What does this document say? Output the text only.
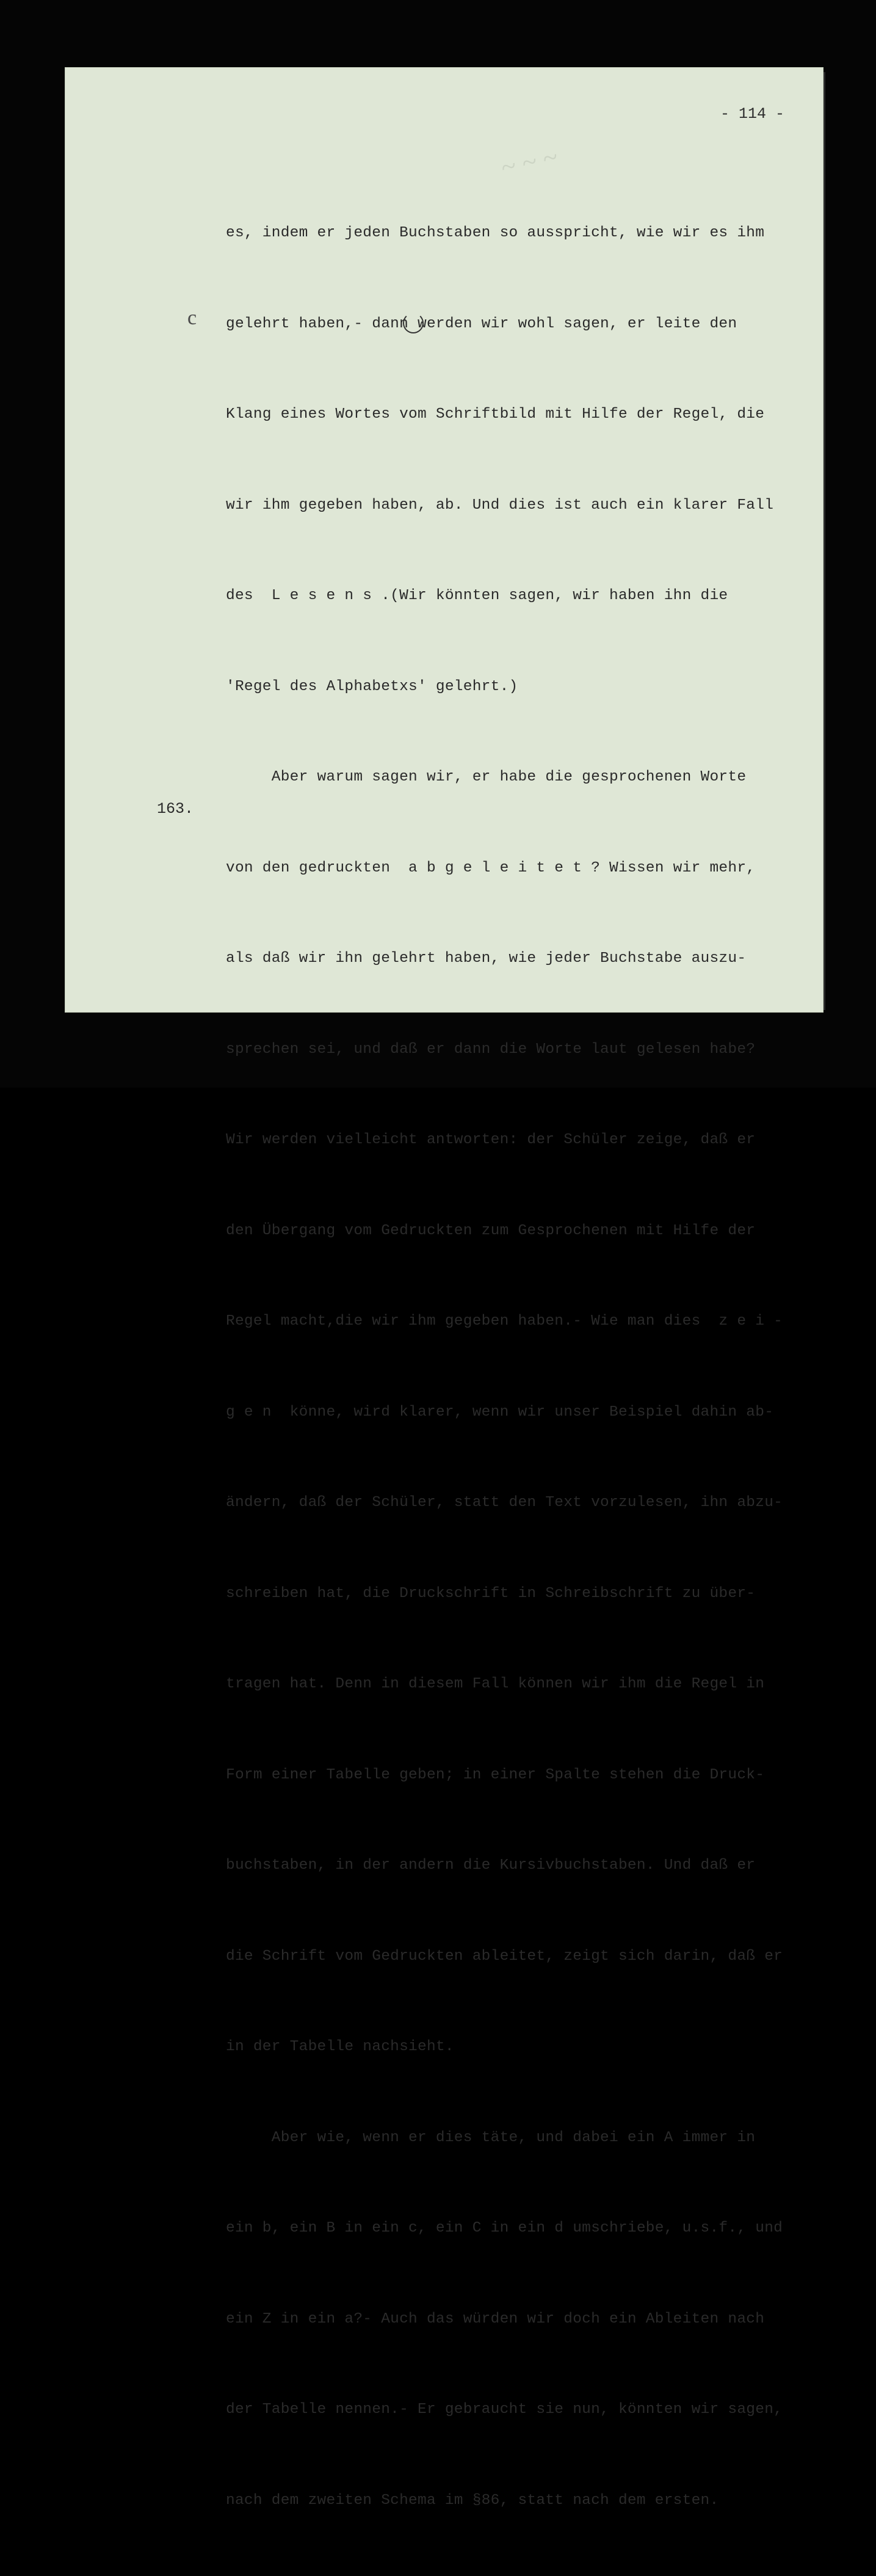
~ ~ ~
- 114 -
c
163.

es, indem er jeden Buchstaben so ausspricht, wie wir es ihm

gelehrt haben,- dann werden wir wohl sagen, er leite den

Klang eines Wortes vom Schriftbild mit Hilfe der Regel, die

wir ihm gegeben haben, ab. Und dies ist auch ein klarer Fall

des  L e s e n s .(Wir könnten sagen, wir haben ihn die

'Regel des Alphabetxs' gelehrt.)

Aber warum sagen wir, er habe die gesprochenen Worte

von den gedruckten  a b g e l e i t e t ? Wissen wir mehr,

als daß wir ihn gelehrt haben, wie jeder Buchstabe auszu-

sprechen sei, und daß er dann die Worte laut gelesen habe?

Wir werden vielleicht antworten: der Schüler zeige, daß er

den Übergang vom Gedruckten zum Gesprochenen mit Hilfe der

Regel macht,die wir ihm gegeben haben.- Wie man dies  z e i -

g e n  könne, wird klarer, wenn wir unser Beispiel dahin ab-

ändern, daß der Schüler, statt den Text vorzulesen, ihn abzu-

schreiben hat, die Druckschrift in Schreibschrift zu über-

tragen hat. Denn in diesem Fall können wir ihm die Regel in

Form einer Tabelle geben; in einer Spalte stehen die Druck-

buchstaben, in der andern die Kursivbuchstaben. Und daß er

die Schrift vom Gedruckten ableitet, zeigt sich darin, daß er

in der Tabelle nachsieht.

Aber wie, wenn er dies täte, und dabei ein A immer in

ein b, ein B in ein c, ein C in ein d umschriebe, u.s.f., und

ein Z in ein a?- Auch das würden wir doch ein Ableiten nach

der Tabelle nennen.- Er gebraucht sie nun, könnten wir sagen,

nach dem zweiten Schema im §86, statt nach dem ersten.
